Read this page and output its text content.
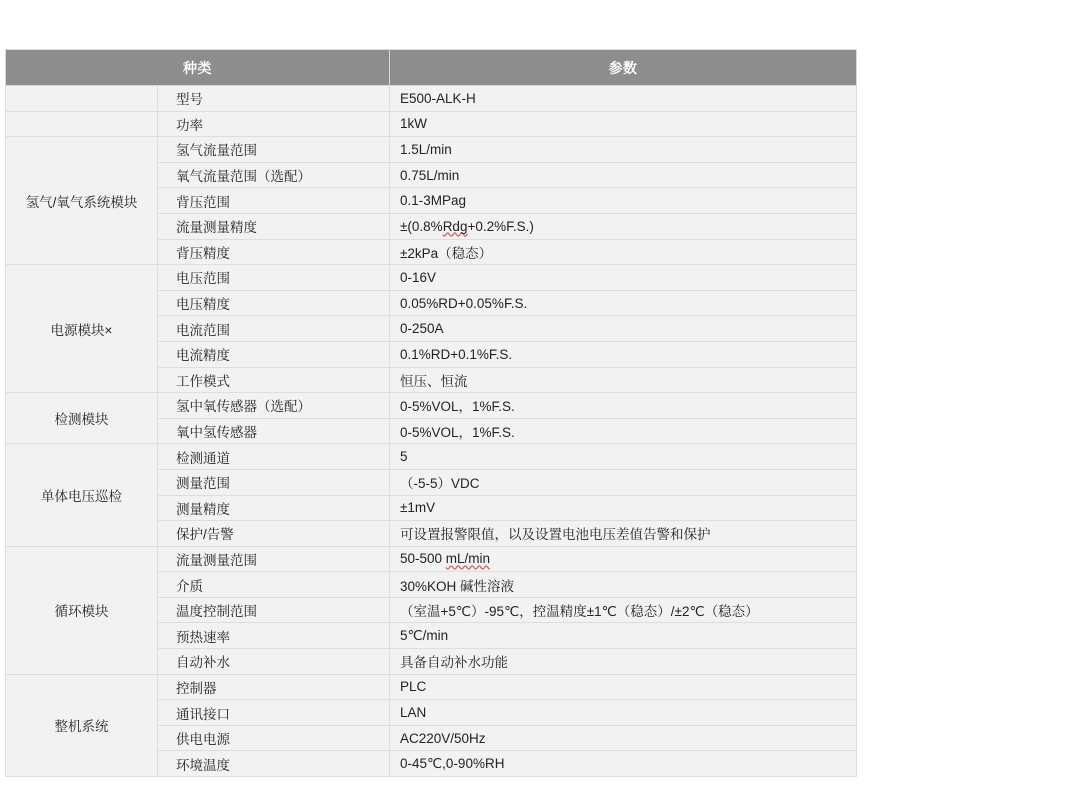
种类		参数
	型号	E500-ALK-H
	功率	1kW
氢气/氧气系统模块	氢气流量范围	1.5L/min
	氧气流量范围（选配）	0.75L/min
	背压范围	0.1-3MPag
	流量测量精度	±(0.8%Rdg+0.2%F.S.)
	背压精度	±2kPa（稳态）
电源模块×	电压范围	0-16V
	电压精度	0.05%RD+0.05%F.S.
	电流范围	0-250A
	电流精度	0.1%RD+0.1%F.S.
	工作模式	恒压、恒流
检测模块	氢中氧传感器（选配）	0-5%VOL，1%F.S.
	氧中氢传感器	0-5%VOL，1%F.S.
单体电压巡检	检测通道	5
	测量范围	（-5-5）VDC
	测量精度	±1mV
	保护/告警	可设置报警限值，以及设置电池电压差值告警和保护
循环模块	流量测量范围	50-500 mL/min
	介质	30%KOH 碱性溶液
	温度控制范围	（室温+5℃）-95℃，控温精度±1℃（稳态）/±2℃（稳态）
	预热速率	5℃/min
	自动补水	具备自动补水功能
整机系统	控制器	PLC
	通讯接口	LAN
	供电电源	AC220V/50Hz
	环境温度	0-45℃,0-90%RH
